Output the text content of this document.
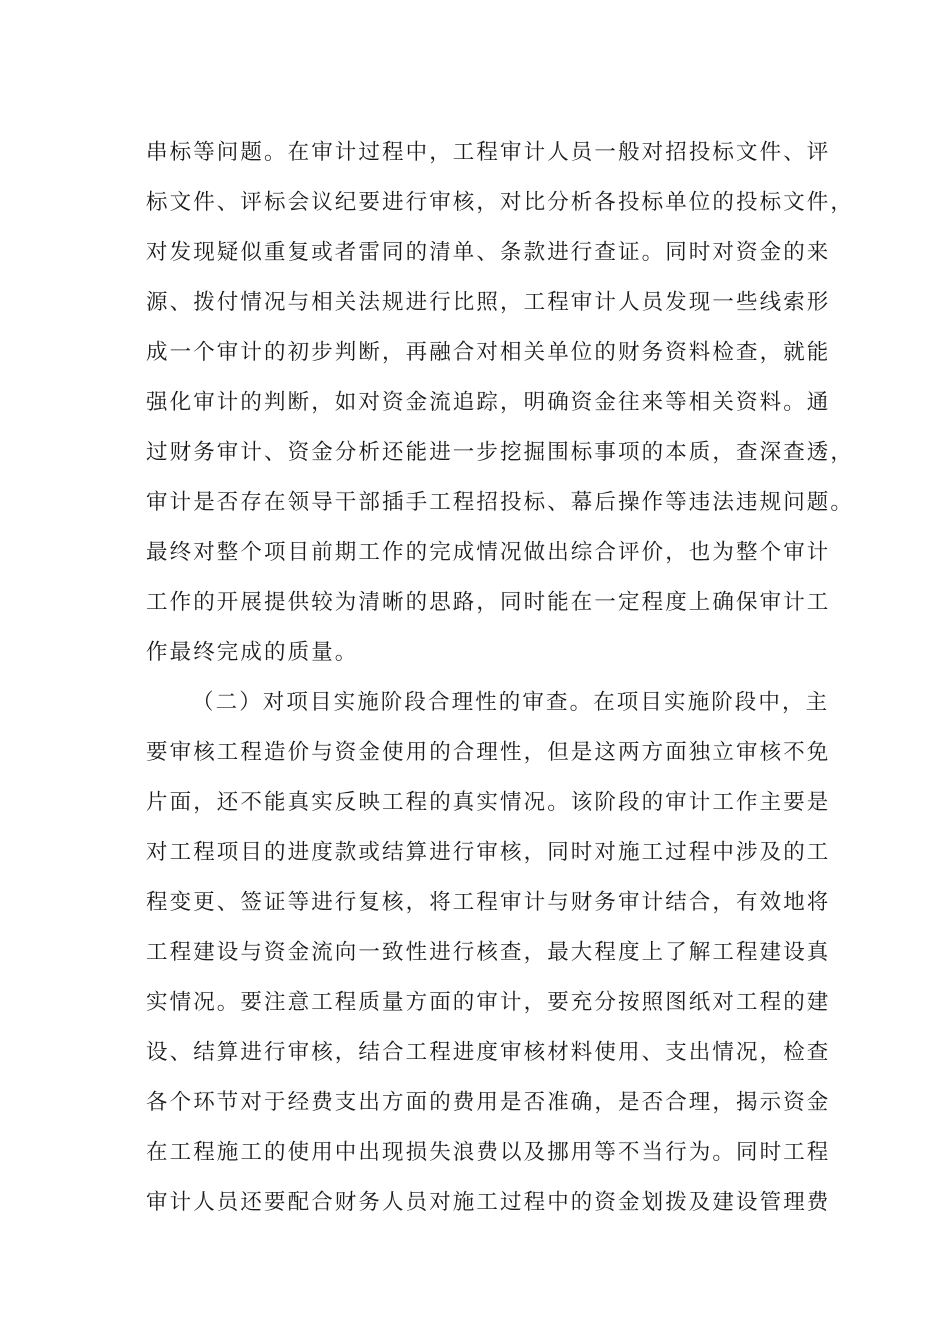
串标等问题。在审计过程中，工程审计人员一般对招投标文件、评
标文件、评标会议纪要进行审核，对比分析各投标单位的投标文件，
对发现疑似重复或者雷同的清单、条款进行查证。同时对资金的来
源、拨付情况与相关法规进行比照，工程审计人员发现一些线索形
成一个审计的初步判断，再融合对相关单位的财务资料检查，就能
强化审计的判断，如对资金流追踪，明确资金往来等相关资料。通
过财务审计、资金分析还能进一步挖掘围标事项的本质，查深查透，
审计是否存在领导干部插手工程招投标、幕后操作等违法违规问题。
最终对整个项目前期工作的完成情况做出综合评价，也为整个审计
工作的开展提供较为清晰的思路，同时能在一定程度上确保审计工
作最终完成的质量。
（二）对项目实施阶段合理性的审查。在项目实施阶段中，主
要审核工程造价与资金使用的合理性，但是这两方面独立审核不免
片面，还不能真实反映工程的真实情况。该阶段的审计工作主要是
对工程项目的进度款或结算进行审核，同时对施工过程中涉及的工
程变更、签证等进行复核，将工程审计与财务审计结合，有效地将
工程建设与资金流向一致性进行核查，最大程度上了解工程建设真
实情况。要注意工程质量方面的审计，要充分按照图纸对工程的建
设、结算进行审核，结合工程进度审核材料使用、支出情况，检查
各个环节对于经费支出方面的费用是否准确，是否合理，揭示资金
在工程施工的使用中出现损失浪费以及挪用等不当行为。同时工程
审计人员还要配合财务人员对施工过程中的资金划拨及建设管理费
